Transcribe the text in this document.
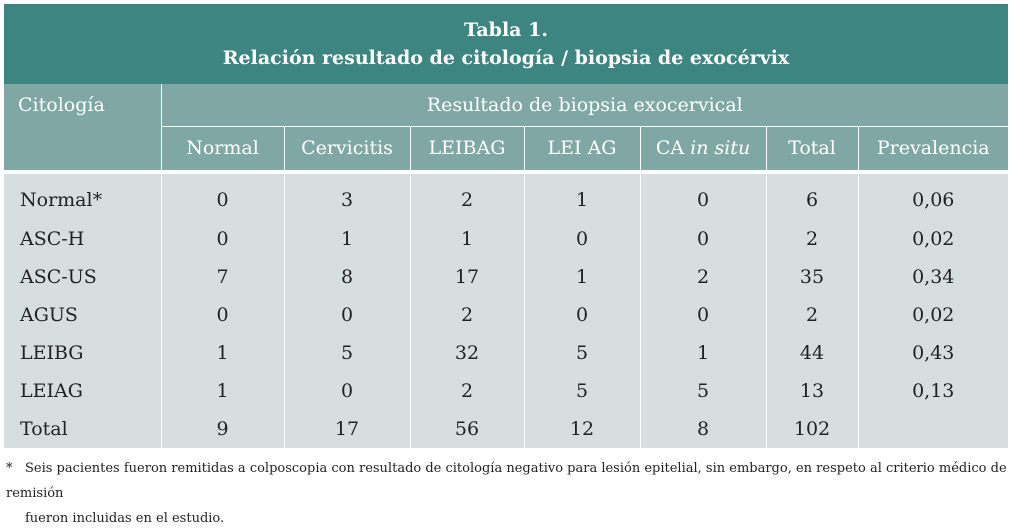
Tabla 1.
Relación resultado de citología / biopsia de exocérvix							

Citología	Resultado de biopsia exocervical						
	Normal	Cervicitis	LEIBAG	LEI AG	CA in situ	Total	Prevalencia

Normal*	0	3	2	1	0	6	0,06
ASC-H	0	1	1	0	0	2	0,02
ASC-US	7	8	17	1	2	35	0,34
AGUS	0	0	2	0	0	2	0,02
LEIBG	1	5	32	5	1	44	0,43
LEIAG	1	0	2	5	5	13	0,13
Total	9	17	56	12	8	102	
* Seis pacientes fueron remitidas a colposcopia con resultado de citología negativo para lesión epitelial, sin embargo, en respeto al criterio médico de remisión
fueron incluidas en el estudio.
